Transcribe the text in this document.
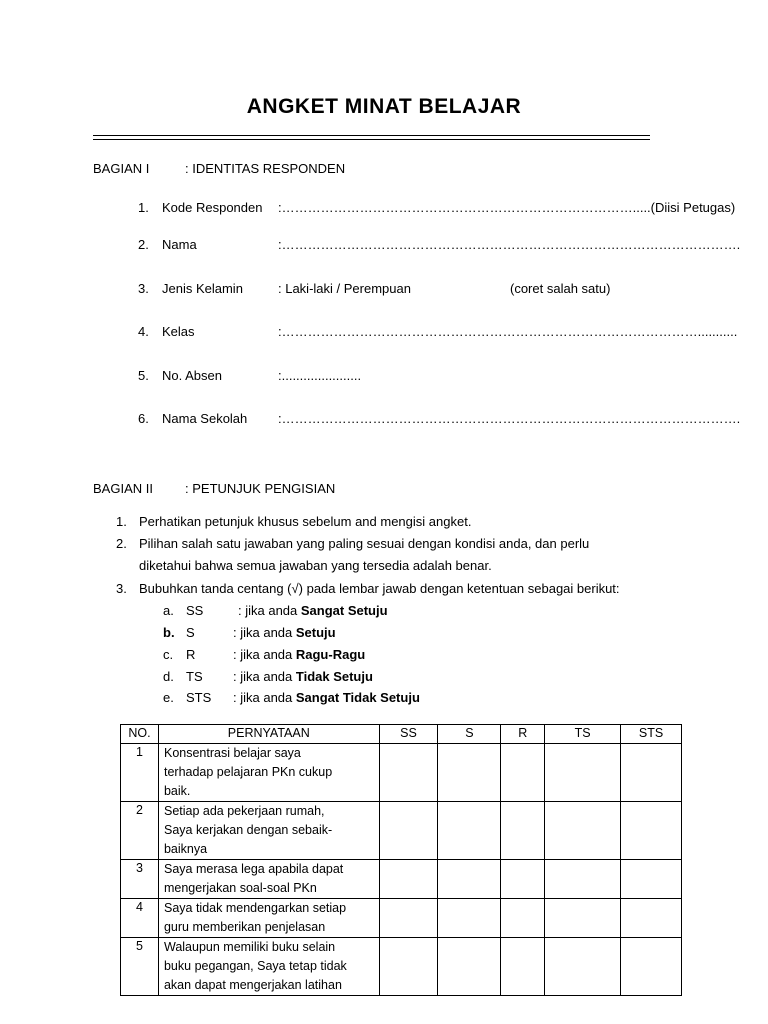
ANGKET MINAT BELAJAR
BAGIAN I	: IDENTITAS RESPONDEN
1. Kode Responden :……………………………………………………………………….....(Diisi Petugas)
2. Nama	:…………………………………………………………………………………………….
3. Jenis Kelamin	: Laki-laki / Perempuan	(coret salah satu)
4. Kelas	:……………………………………………………………………………………...........
5. No. Absen	:......................
6. Nama Sekolah :…………………………………………………………………………………………….
BAGIAN II : PETUNJUK PENGISIAN
1. Perhatikan petunjuk khusus sebelum and mengisi angket.
2. Pilihan salah satu jawaban yang paling sesuai dengan kondisi anda, dan perlu
diketahui bahwa semua jawaban yang tersedia adalah benar.
3. Bubuhkan tanda centang (√) pada lembar jawab dengan ketentuan sebagai berikut:
a. SS	: jika anda Sangat Setuju
b. S	: jika anda Setuju
c. R	: jika anda Ragu-Ragu
d. TS : jika anda Tidak Setuju
e. STS : jika anda Sangat Tidak Setuju
NO.	PERNYATAAN	SS	S	R	TS	STS
1	Konsentrasi belajar saya
terhadap pelajaran PKn cukup
baik.					
2	Setiap ada pekerjaan rumah,
Saya kerjakan dengan sebaik-
baiknya					
3	Saya merasa lega apabila dapat
mengerjakan soal-soal PKn					
4	Saya tidak mendengarkan setiap
guru memberikan penjelasan					
5	Walaupun memiliki buku selain
buku pegangan, Saya tetap tidak
akan dapat mengerjakan latihan					
